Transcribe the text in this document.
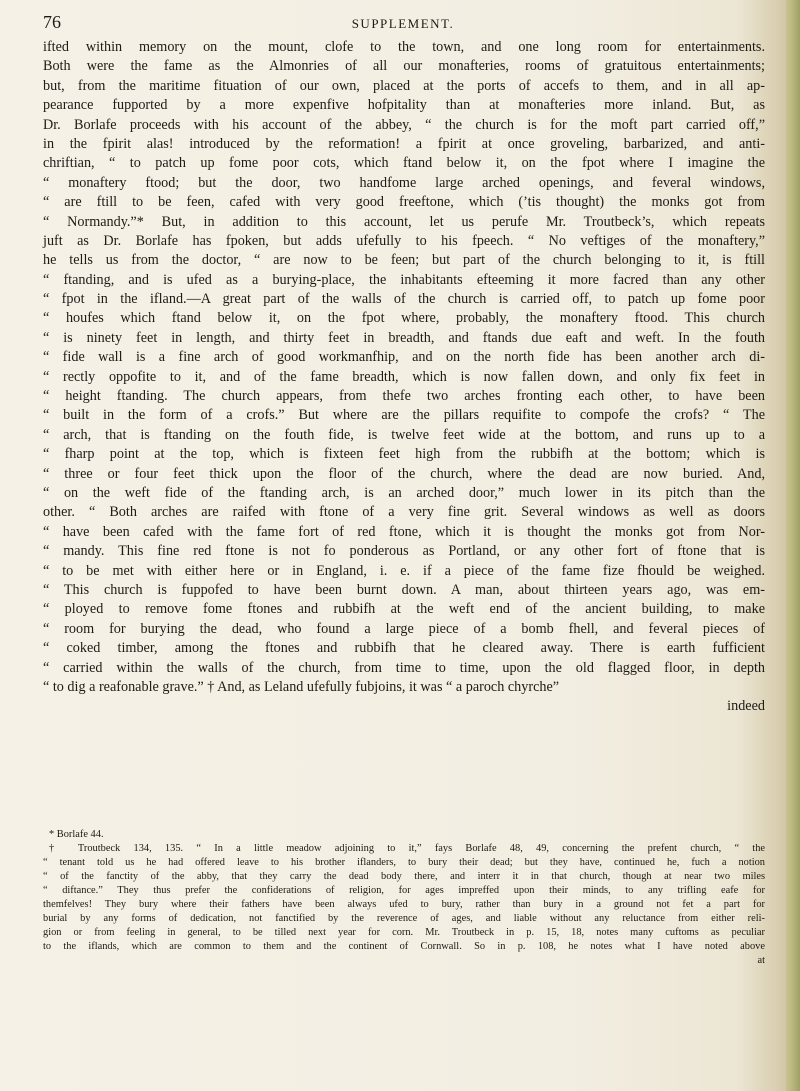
76	SUPPLEMENT.
ifted within memory on the mount, clofe to the town, and one long room for entertainments.
Both were the fame as the Almonries of all our monafteries, rooms of gratuitous entertainments;
but, from the maritime fituation of our own, placed at the ports of accefs to them, and in all ap-
pearance fupported by a more expenfive hofpitality than at monafteries more inland. But, as
Dr. Borlafe proceeds with his account of the abbey, “ the church is for the moft part carried off,”
in the fpirit alas! introduced by the reformation! a fpirit at once groveling, barbarized, and anti-
chriftian, “ to patch up fome poor cots, which ftand below it, on the fpot where I imagine the
“ monaftery ftood; but the door, two handfome large arched openings, and feveral windows,
“ are ftill to be feen, cafed with very good freeftone, which (’tis thought) the monks got from
“ Normandy.”* But, in addition to this account, let us perufe Mr. Troutbeck’s, which repeats
juft as Dr. Borlafe has fpoken, but adds ufefully to his fpeech. “ No veftiges of the monaftery,”
he tells us from the doctor, “ are now to be feen; but part of the church belonging to it, is ftill
“ ftanding, and is ufed as a burying-place, the inhabitants efteeming it more facred than any other
“ fpot in the ifland.—A great part of the walls of the church is carried off, to patch up fome poor
“ houfes which ftand below it, on the fpot where, probably, the monaftery ftood. This church
“ is ninety feet in length, and thirty feet in breadth, and ftands due eaft and weft. In the fouth
“ fide wall is a fine arch of good workmanfhip, and on the north fide has been another arch di-
“ rectly oppofite to it, and of the fame breadth, which is now fallen down, and only fix feet in
“ height ftanding. The church appears, from thefe two arches fronting each other, to have been
“ built in the form of a crofs.” But where are the pillars requifite to compofe the crofs? “ The
“ arch, that is ftanding on the fouth fide, is twelve feet wide at the bottom, and runs up to a
“ fharp point at the top, which is fixteen feet high from the rubbifh at the bottom; which is
“ three or four feet thick upon the floor of the church, where the dead are now buried. And,
“ on the weft fide of the ftanding arch, is an arched door,” much lower in its pitch than the
other. “ Both arches are raifed with ftone of a very fine grit. Several windows as well as doors
“ have been cafed with the fame fort of red ftone, which it is thought the monks got from Nor-
“ mandy. This fine red ftone is not fo ponderous as Portland, or any other fort of ftone that is
“ to be met with either here or in England, i. e. if a piece of the fame fize fhould be weighed.
“ This church is fuppofed to have been burnt down. A man, about thirteen years ago, was em-
“ ployed to remove fome ftones and rubbifh at the weft end of the ancient building, to make
“ room for burying the dead, who found a large piece of a bomb fhell, and feveral pieces of
“ coked timber, among the ftones and rubbifh that he cleared away. There is earth fufficient
“ carried within the walls of the church, from time to time, upon the old flagged floor, in depth
“ to dig a reafonable grave.” † And, as Leland ufefully fubjoins, it was “ a paroch chyrche”
indeed
* Borlafe 44.
† Troutbeck 134, 135. “ In a little meadow adjoining to it,” fays Borlafe 48, 49, concerning the prefent church, “ the
“ tenant told us he had offered leave to his brother iflanders, to bury their dead; but they have, continued he, fuch a notion
“ of the fanctity of the abby, that they carry the dead body there, and interr it in that church, though at near two miles
“ diftance.” They thus prefer the confiderations of religion, for ages impreffed upon their minds, to any trifling eafe for
themfelves! They bury where their fathers have been always ufed to bury, rather than bury in a ground not fet a part for
burial by any forms of dedication, not fanctified by the reverence of ages, and liable without any reluctance from either reli-
gion or from feeling in general, to be tilled next year for corn. Mr. Troutbeck in p. 15, 18, notes many cuftoms as peculiar
to the iflands, which are common to them and the continent of Cornwall. So in p. 108, he notes what I have noted above
at
